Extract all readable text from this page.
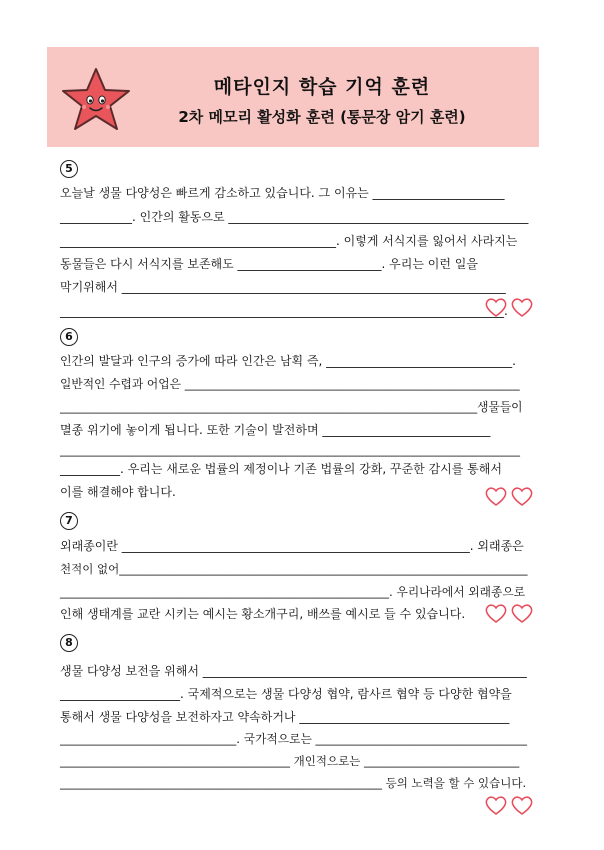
메타인지 학습 기억 훈련
2차 메모리 활성화 훈련 (통문장 암기 훈련)
5
오늘날 생물 다양성은 빠르게 감소하고 있습니다. 그 이유는 ______________________
____________. 인간의 활동으로 __________________________________________________
______________________________________________. 이렇게 서식지를 잃어서 사라지는
동물들은 다시 서식지를 보존해도 ________________________. 우리는 이런 일을
막기위해서 ________________________________________________________________
__________________________________________________________________________.
6
인간의 발달과 인구의 증가에 따라 인간은 남획 즉, _______________________________.
일반적인 수렵과 어업은 _________________________________________________________
_______________________________________________________________________생물들이
멸종 위기에 놓이게 됩니다. 또한 기술이 발전하며 ____________________________
________________________________________________________________________________
__________. 우리는 새로운 법률의 제정이나 기존 법률의 강화, 꾸준한 감시를 통해서
이를 해결해야 합니다.
7
외래종이란 __________________________________________________________. 외래종은
천적이 없어_______________________________________________________________________
________________________________________________________. 우리나라에서 외래종으로
인해 생태계를 교란 시키는 예시는 황소개구리, 배쓰를 예시로 들 수 있습니다.
8
생물 다양성 보전을 위해서 ______________________________________________________
____________________. 국제적으로는 생물 다양성 협약, 람사르 협약 등 다양한 협약을
통해서 생물 다양성을 보전하자고 약속하거나 ___________________________________
______________________________. 국가적으로는 ____________________________________
________________________________________ 개인적으로는 ___________________________
________________________________________________________ 등의 노력을 할 수 있습니다.
